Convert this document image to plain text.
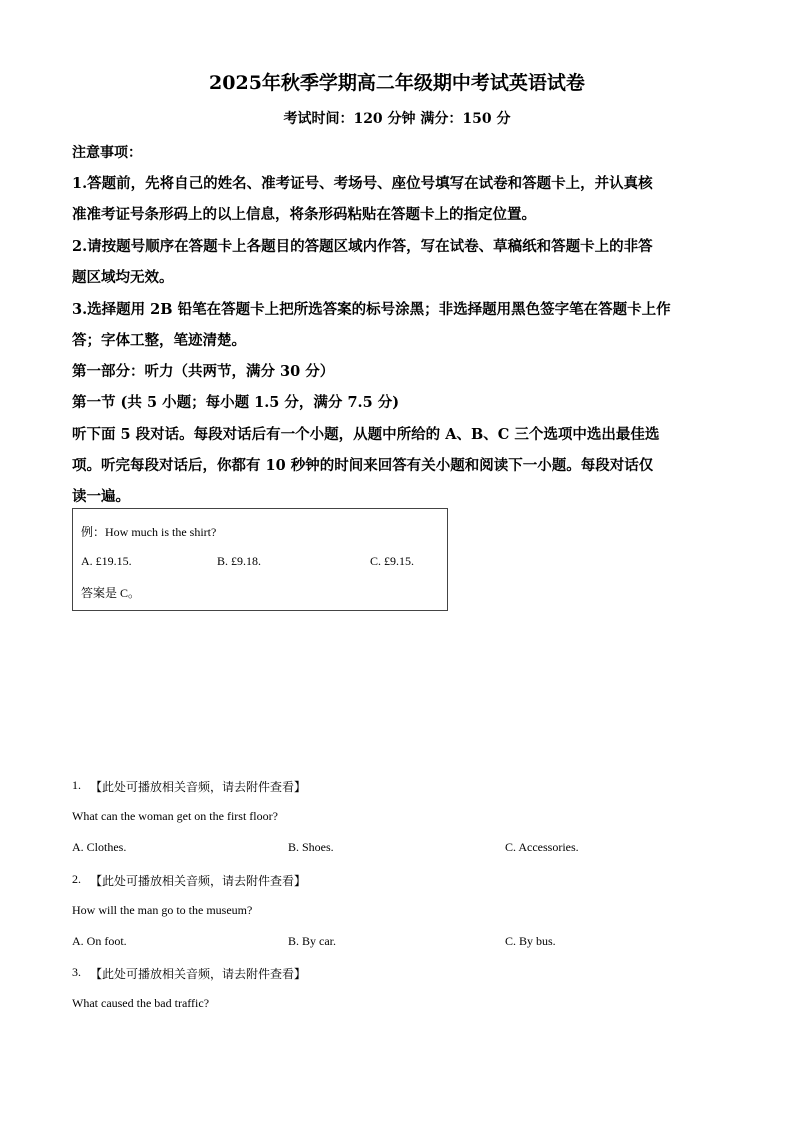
2025年秋季学期高二年级期中考试英语试卷
考试时间：120 分钟 满分：150 分
注意事项：
1.答题前，先将自己的姓名、准考证号、考场号、座位号填写在试卷和答题卡上，并认真核
准准考证号条形码上的以上信息，将条形码粘贴在答题卡上的指定位置。
2.请按题号顺序在答题卡上各题目的答题区域内作答，写在试卷、草稿纸和答题卡上的非答
题区域均无效。
3.选择题用 2B 铅笔在答题卡上把所选答案的标号涂黑；非选择题用黑色签字笔在答题卡上作
答；字体工整，笔迹清楚。
第一部分：听力（共两节，满分 30 分）
第一节 (共 5 小题；每小题 1.5 分，满分 7.5 分)
听下面 5 段对话。每段对话后有一个小题，从题中所给的 A、B、C 三个选项中选出最佳选
项。听完每段对话后，你都有 10 秒钟的时间来回答有关小题和阅读下一小题。每段对话仅
读一遍。
例：How much is the shirt?
A. £19.15.	B. £9.18.	C. £9.15.
答案是 C。
1. 【此处可播放相关音频，请去附件查看】
What can the woman get on the first floor?
A. Clothes.	B. Shoes.	C. Accessories.
2. 【此处可播放相关音频，请去附件查看】
How will the man go to the museum?
A. On foot.	B. By car.	C. By bus.
3. 【此处可播放相关音频，请去附件查看】
What caused the bad traffic?
